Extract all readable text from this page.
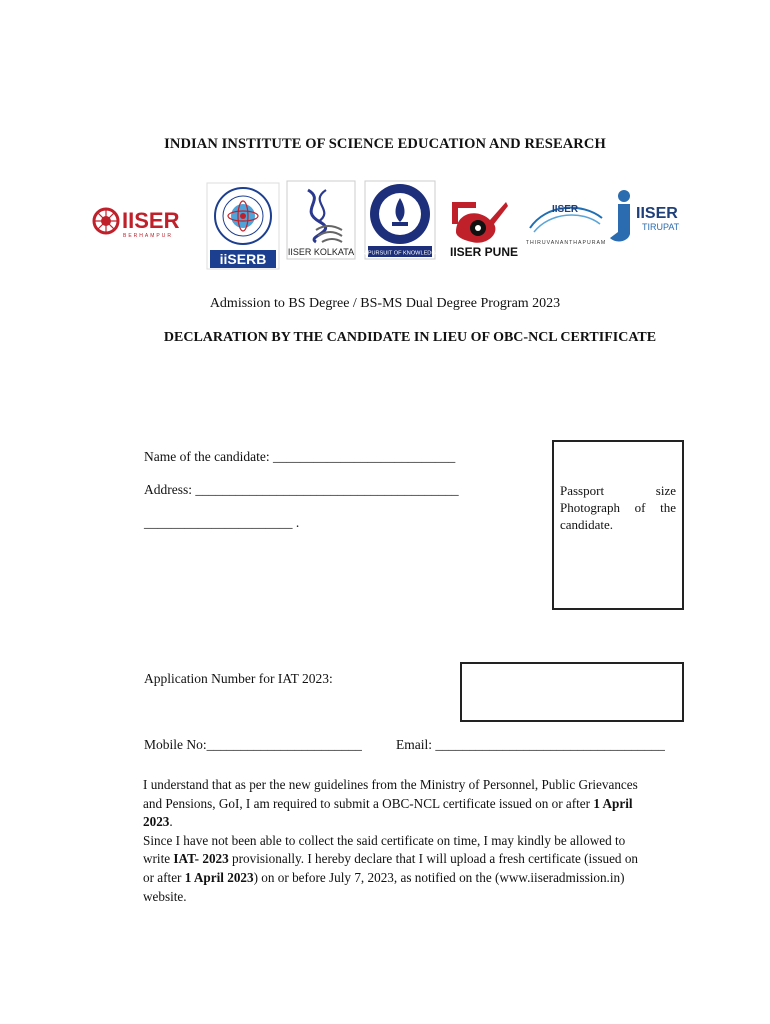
INDIAN INSTITUTE OF SCIENCE EDUCATION AND RESEARCH
IISER
BERHAMPUR
iiSERB IISER KOLKATA IN PURSUIT OF KNOWLEDGE IISER PUNE
IISER
THIRUVANANTHAPURAM
IISER
TIRUPATI
Admission to BS Degree / BS-MS Dual Degree Program 2023
DECLARATION BY THE CANDIDATE IN LIEU OF OBC-NCL CERTIFICATE
Name of the candidate: ___________________________
Address: _______________________________________
______________________ .
Passport size Photograph of the candidate.
Application Number for IAT 2023:
Mobile No:_______________________	Email: __________________________________

I understand that as per the new guidelines from the Ministry of Personnel, Public Grievances and Pensions, GoI, I am required to submit a OBC-NCL certificate issued on or after 1 April 2023.

Since I have not been able to collect the said certificate on time, I may kindly be allowed to write IAT- 2023 provisionally. I hereby declare that I will upload a fresh certificate (issued on or after 1 April 2023) on or before July 7, 2023, as notified on the (www.iiseradmission.in) website.
